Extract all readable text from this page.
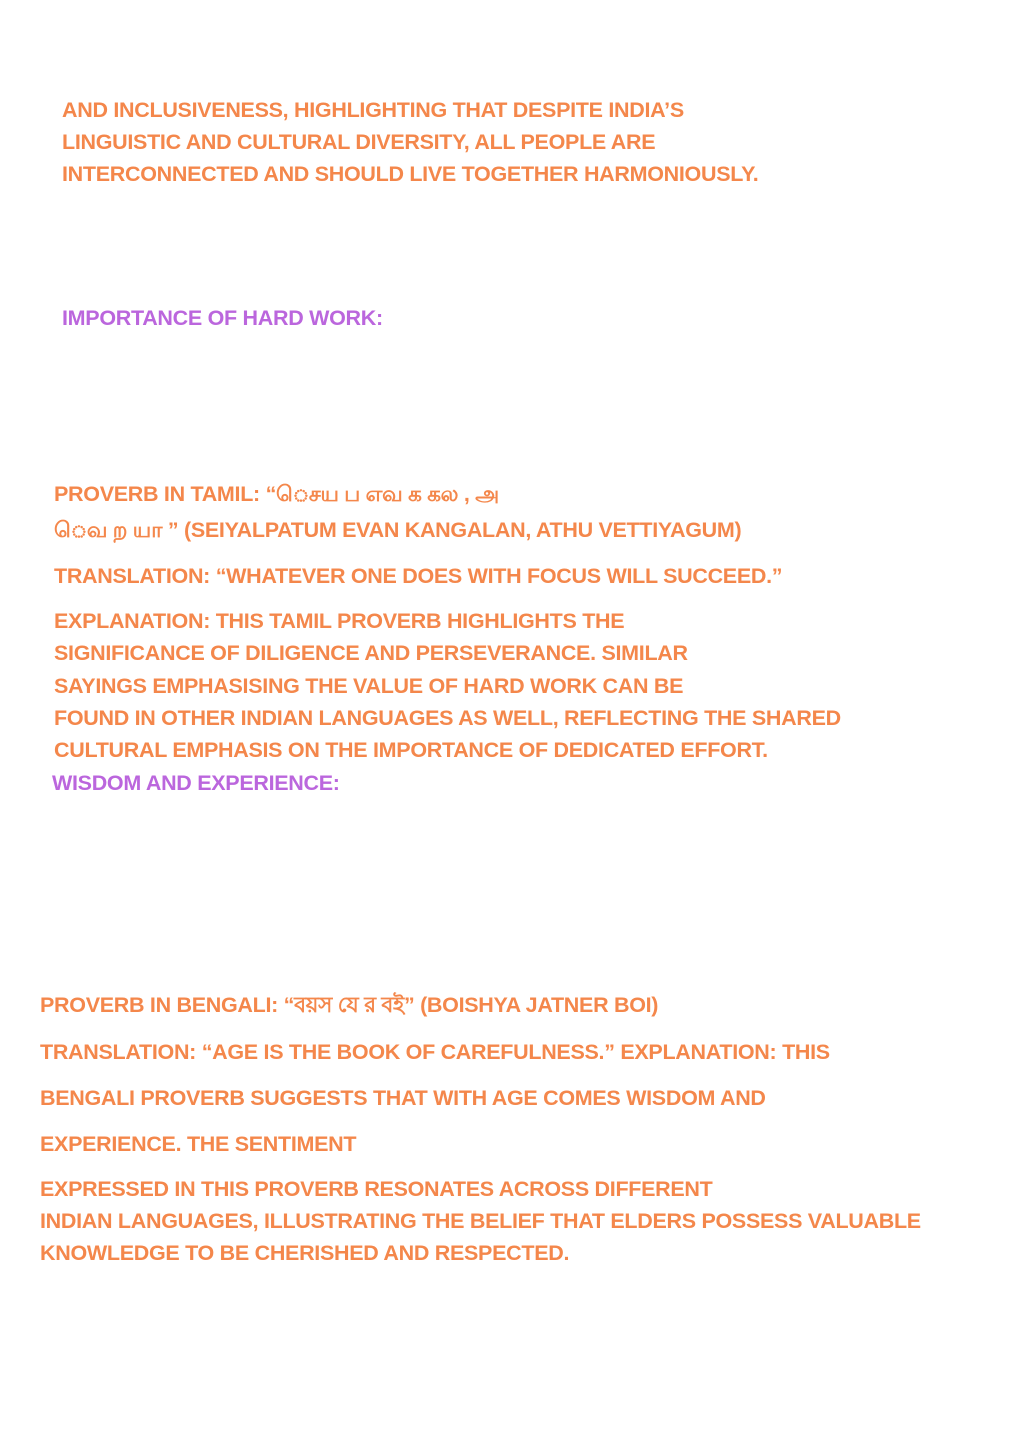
AND INCLUSIVENESS, HIGHLIGHTING THAT DESPITE INDIA’S
LINGUISTIC AND CULTURAL DIVERSITY, ALL PEOPLE ARE
INTERCONNECTED AND SHOULD LIVE TOGETHER HARMONIOUSLY.
IMPORTANCE OF HARD WORK:
PROVERB IN TAMIL: “ெசய ப எவ க கல , அ
ெவ ற யா ” (SEIYALPATUM EVAN KANGALAN, ATHU VETTIYAGUM)
TRANSLATION: “WHATEVER ONE DOES WITH FOCUS WILL SUCCEED.”
EXPLANATION: THIS TAMIL PROVERB HIGHLIGHTS THE
SIGNIFICANCE OF DILIGENCE AND PERSEVERANCE. SIMILAR
SAYINGS EMPHASISING THE VALUE OF HARD WORK CAN BE
FOUND IN OTHER INDIAN LANGUAGES AS WELL, REFLECTING THE SHARED
CULTURAL EMPHASIS ON THE IMPORTANCE OF DEDICATED EFFORT.
WISDOM AND EXPERIENCE:
PROVERB IN BENGALI: “বয়স যে র বই” (BOISHYA JATNER BOI)
TRANSLATION: “AGE IS THE BOOK OF CAREFULNESS.” EXPLANATION: THIS
BENGALI PROVERB SUGGESTS THAT WITH AGE COMES WISDOM AND
EXPERIENCE. THE SENTIMENT
EXPRESSED IN THIS PROVERB RESONATES ACROSS DIFFERENT
INDIAN LANGUAGES, ILLUSTRATING THE BELIEF THAT ELDERS POSSESS VALUABLE
KNOWLEDGE TO BE CHERISHED AND RESPECTED.
